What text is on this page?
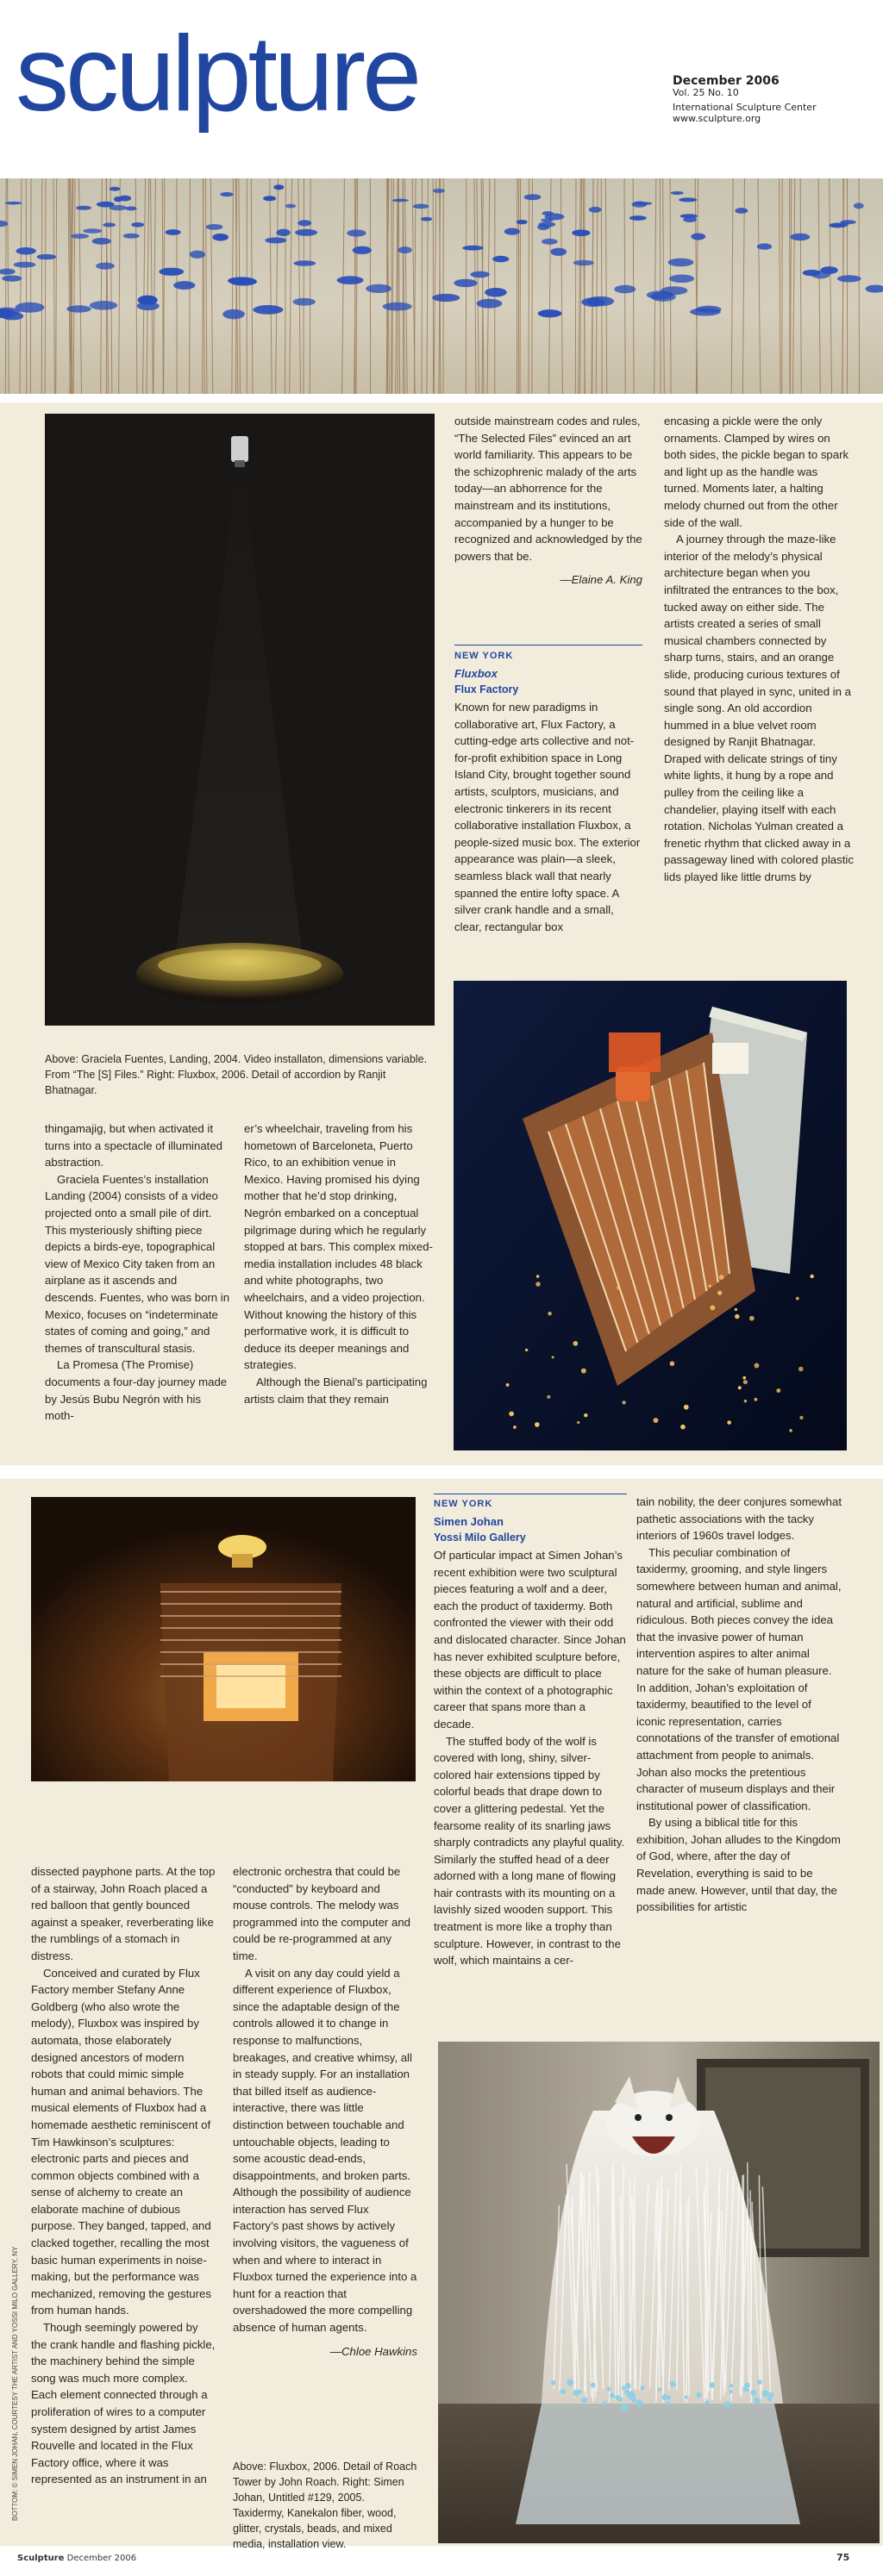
sculpture	December 2006
Vol. 25 No. 10
International Sculpture Center
www.sculpture.org

outside mainstream codes and rules, “The Selected Files” evinced an art world familiarity. This appears to be the schizophrenic malady of the arts today—an abhorrence for the mainstream and its institutions, accompanied by a hunger to be recognized and acknowledged by the powers that be.

—Elaine A. King

NEW YORK
Fluxbox
Flux Factory

Known for new paradigms in collaborative art, Flux Factory, a cutting-edge arts collective and not-for-profit exhibition space in Long Island City, brought together sound artists, sculptors, musicians, and electronic tinkerers in its recent collaborative installation Fluxbox, a people-sized music box. The exterior appearance was plain—a sleek, seamless black wall that nearly spanned the entire lofty space. A silver crank handle and a small, clear, rectangular box

encasing a pickle were the only ornaments. Clamped by wires on both sides, the pickle began to spark and light up as the handle was turned. Moments later, a halting melody churned out from the other side of the wall.

A journey through the maze-like interior of the melody’s physical architecture began when you infiltrated the entrances to the box, tucked away on either side. The artists created a series of small musical chambers connected by sharp turns, stairs, and an orange slide, producing curious textures of sound that played in sync, united in a single song. An old accordion hummed in a blue velvet room designed by Ranjit Bhatnagar. Draped with delicate strings of tiny white lights, it hung by a rope and pulley from the ceiling like a chandelier, playing itself with each rotation. Nicholas Yulman created a frenetic rhythm that clicked away in a passageway lined with colored plastic lids played like little drums by

Above: Graciela Fuentes, Landing, 2004. Video installaton, dimensions variable. From “The [S] Files.” Right: Fluxbox, 2006. Detail of accordion by Ranjit Bhatnagar.

thingamajig, but when activated it turns into a spectacle of illuminated abstraction.

Graciela Fuentes’s installation Landing (2004) consists of a video projected onto a small pile of dirt. This mysteriously shifting piece depicts a birds-eye, topographical view of Mexico City taken from an airplane as it ascends and descends. Fuentes, who was born in Mexico, focuses on “indeterminate states of coming and going,” and themes of transcultural stasis.

La Promesa (The Promise) documents a four-day journey made by Jesús Bubu Negrón with his moth-

er’s wheelchair, traveling from his hometown of Barceloneta, Puerto Rico, to an exhibition venue in Mexico. Having promised his dying mother that he’d stop drinking, Negrón embarked on a conceptual pilgrimage during which he regularly stopped at bars. This complex mixed-media installation includes 48 black and white photographs, two wheelchairs, and a video projection. Without knowing the history of this performative work, it is difficult to deduce its deeper meanings and strategies.

Although the Bienal’s participating artists claim that they remain

dissected payphone parts. At the top of a stairway, John Roach placed a red balloon that gently bounced against a speaker, reverberating like the rumblings of a stomach in distress.

Conceived and curated by Flux Factory member Stefany Anne Goldberg (who also wrote the melody), Fluxbox was inspired by automata, those elaborately designed ancestors of modern robots that could mimic simple human and animal behaviors. The musical elements of Fluxbox had a homemade aesthetic reminiscent of Tim Hawkinson’s sculptures: electronic parts and pieces and common objects combined with a sense of alchemy to create an elaborate machine of dubious purpose. They banged, tapped, and clacked together, recalling the most basic human experiments in noise-making, but the performance was mechanized, removing the gestures from human hands.

Though seemingly powered by the crank handle and flashing pickle, the machinery behind the simple song was much more complex. Each element connected through a proliferation of wires to a computer system designed by artist James Rouvelle and located in the Flux Factory office, where it was represented as an instrument in an

electronic orchestra that could be “conducted” by keyboard and mouse controls. The melody was programmed into the computer and could be re-programmed at any time.

A visit on any day could yield a different experience of Fluxbox, since the adaptable design of the controls allowed it to change in response to malfunctions, breakages, and creative whimsy, all in steady supply. For an installation that billed itself as audience-interactive, there was little distinction between touchable and untouchable objects, leading to some acoustic dead-ends, disappointments, and broken parts. Although the possibility of audience interaction has served Flux Factory’s past shows by actively involving visitors, the vagueness of when and where to interact in Fluxbox turned the experience into a hunt for a reaction that overshadowed the more compelling absence of human agents.

—Chloe Hawkins

Above: Fluxbox, 2006. Detail of Roach Tower by John Roach. Right: Simen Johan, Untitled #129, 2005. Taxidermy, Kanekalon fiber, wood, glitter, crystals, beads, and mixed media, installation view.
NEW YORK
Simen Johan
Yossi Milo Gallery

Of particular impact at Simen Johan’s recent exhibition were two sculptural pieces featuring a wolf and a deer, each the product of taxidermy. Both confronted the viewer with their odd and dislocated character. Since Johan has never exhibited sculpture before, these objects are difficult to place within the context of a photographic career that spans more than a decade.

The stuffed body of the wolf is covered with long, shiny, silver-colored hair extensions tipped by colorful beads that drape down to cover a glittering pedestal. Yet the fearsome reality of its snarling jaws sharply contradicts any playful quality. Similarly the stuffed head of a deer adorned with a long mane of flowing hair contrasts with its mounting on a lavishly sized wooden support. This treatment is more like a trophy than sculpture. However, in contrast to the wolf, which maintains a cer-

tain nobility, the deer conjures somewhat pathetic associations with the tacky interiors of 1960s travel lodges.

This peculiar combination of taxidermy, grooming, and style lingers somewhere between human and animal, natural and artificial, sublime and ridiculous. Both pieces convey the idea that the invasive power of human intervention aspires to alter animal nature for the sake of human pleasure. In addition, Johan’s exploitation of taxidermy, beautified to the level of iconic representation, carries connotations of the transfer of emotional attachment from people to animals. Johan also mocks the pretentious character of museum displays and their institutional power of classification.

By using a biblical title for this exhibition, Johan alludes to the Kingdom of God, where, after the day of Revelation, everything is said to be made anew. However, until that day, the possibilities for artistic

BOTTOM: © SIMEN JOHAN, COURTESY THE ARTIST AND YOSSI MILO GALLERY, NY
Sculpture December 2006	75
